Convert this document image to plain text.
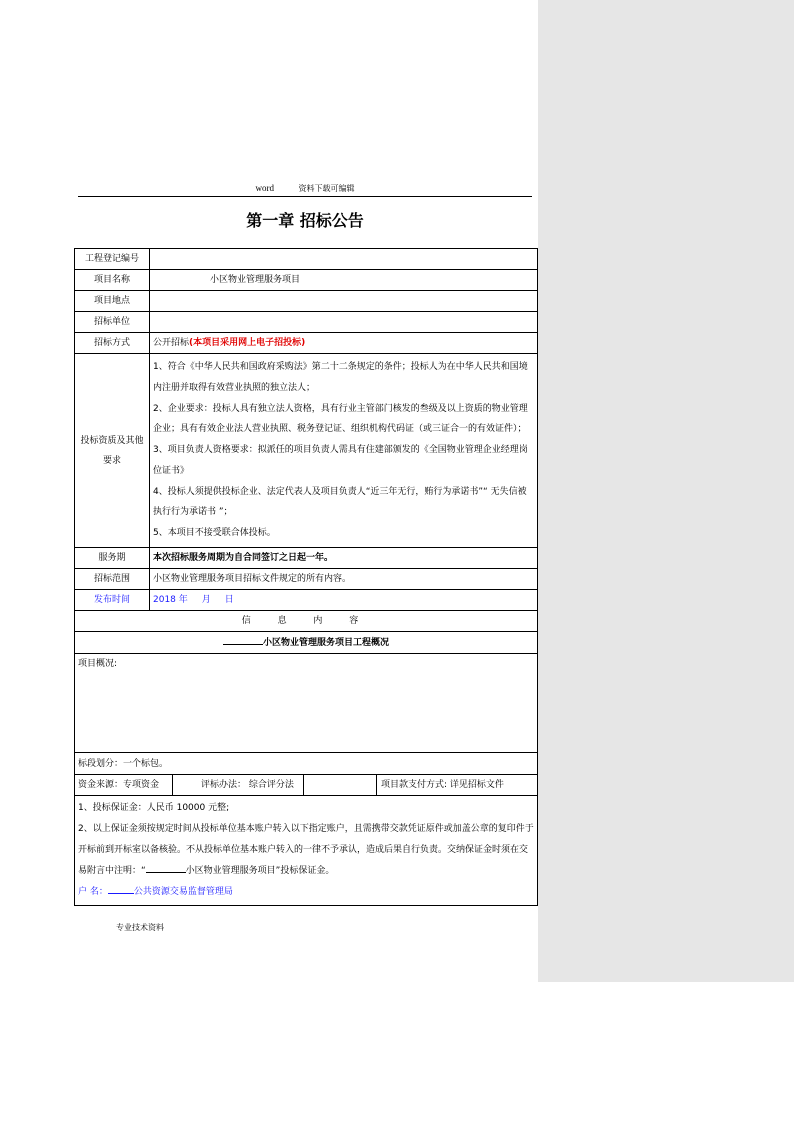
word	资料下载可编辑
第一章 招标公告
工程登记编号		
项目名称	小区物业管理服务项目	
项目地点		
招标单位		
招标方式	公开招标(本项目采用网上电子招投标)	
投标资质及其他要求	1、符合《中华人民共和国政府采购法》第二十二条规定的条件；投标人为在中华人民共和国境内注册并取得有效营业执照的独立法人；

2、企业要求：投标人具有独立法人资格，具有行业主管部门核发的叁级及以上资质的物业管理企业；具有有效企业法人营业执照、税务登记证、组织机构代码证（或三证合一的有效证件）；

3、项目负责人资格要求：拟派任的项目负责人需具有住建部颁发的《全国物业管理企业经理岗位证书》

4、投标人须提供投标企业、法定代表人及项目负责人“近三年无行，贿行为承诺书”“ 无失信被执行行为承诺书 ”；

5、本项目不接受联合体投标。	

服务期	本次招标服务周期为自合同签订之日起一年。	
招标范围	小区物业管理服务项目招标文件规定的所有内容。	
发布时间	2018 年 月 日	
信 息 内 容		
小区物业管理服务项目工程概况		
项目概况:		
标段划分：一个标包。		

资金来源：专项资金 评标办法： 综合评分法		项目款支付方式: 详见招标文件

1、投标保证金：人民币 10000 元整;

2、以上保证金须按规定时间从投标单位基本账户转入以下指定账户，且需携带交款凭证原件或加盖公章的复印件于开标前到开标室以备核验。不从投标单位基本账户转入的一律不予承认，造成后果自行负责。交纳保证金时须在交易附言中注明：“ 小区物业管理服务项目”投标保证金。

户 名： 公共资源交易监督管理局		

专业技术资料
